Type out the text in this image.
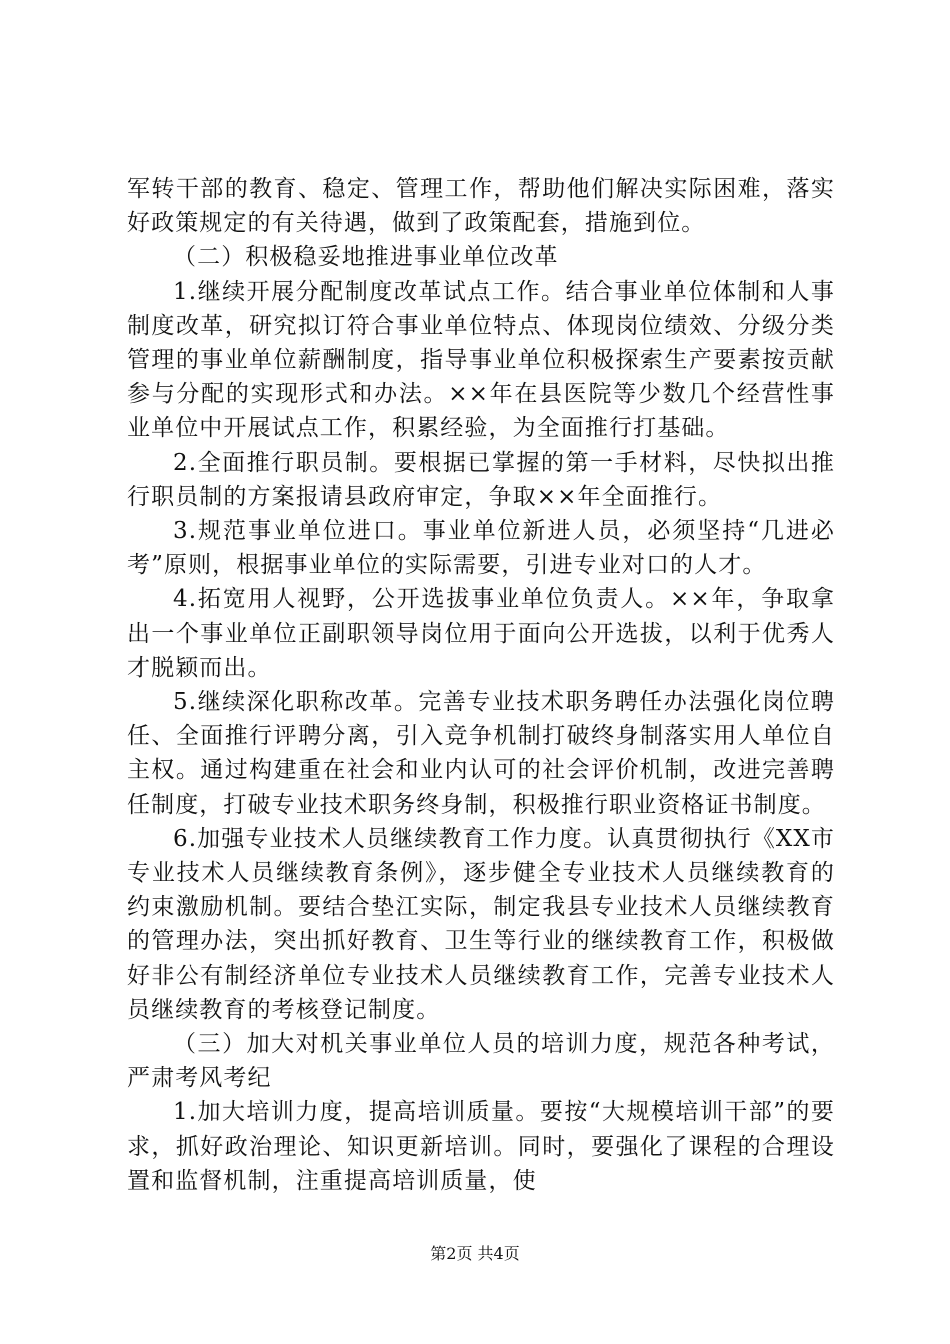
军转干部的教育、稳定、管理工作，帮助他们解决实际困难，落实好政策规定的有关待遇，做到了政策配套，措施到位。

（二）积极稳妥地推进事业单位改革

1.继续开展分配制度改革试点工作。结合事业单位体制和人事制度改革，研究拟订符合事业单位特点、体现岗位绩效、分级分类管理的事业单位薪酬制度，指导事业单位积极探索生产要素按贡献参与分配的实现形式和办法。××年在县医院等少数几个经营性事业单位中开展试点工作，积累经验，为全面推行打基础。

2.全面推行职员制。要根据已掌握的第一手材料，尽快拟出推行职员制的方案报请县政府审定，争取××年全面推行。

3.规范事业单位进口。事业单位新进人员，必须坚持“几进必考”原则，根据事业单位的实际需要，引进专业对口的人才。

4.拓宽用人视野，公开选拔事业单位负责人。××年，争取拿出一个事业单位正副职领导岗位用于面向公开选拔，以利于优秀人才脱颖而出。

5.继续深化职称改革。完善专业技术职务聘任办法强化岗位聘任、全面推行评聘分离，引入竞争机制打破终身制落实用人单位自主权。通过构建重在社会和业内认可的社会评价机制，改进完善聘任制度，打破专业技术职务终身制，积极推行职业资格证书制度。

6.加强专业技术人员继续教育工作力度。认真贯彻执行《XX市专业技术人员继续教育条例》，逐步健全专业技术人员继续教育的约束激励机制。要结合垫江实际，制定我县专业技术人员继续教育的管理办法，突出抓好教育、卫生等行业的继续教育工作，积极做好非公有制经济单位专业技术人员继续教育工作，完善专业技术人员继续教育的考核登记制度。

（三）加大对机关事业单位人员的培训力度，规范各种考试，严肃考风考纪

1.加大培训力度，提高培训质量。要按“大规模培训干部”的要求，抓好政治理论、知识更新培训。同时，要强化了课程的合理设置和监督机制，注重提高培训质量，使

第2页 共4页
